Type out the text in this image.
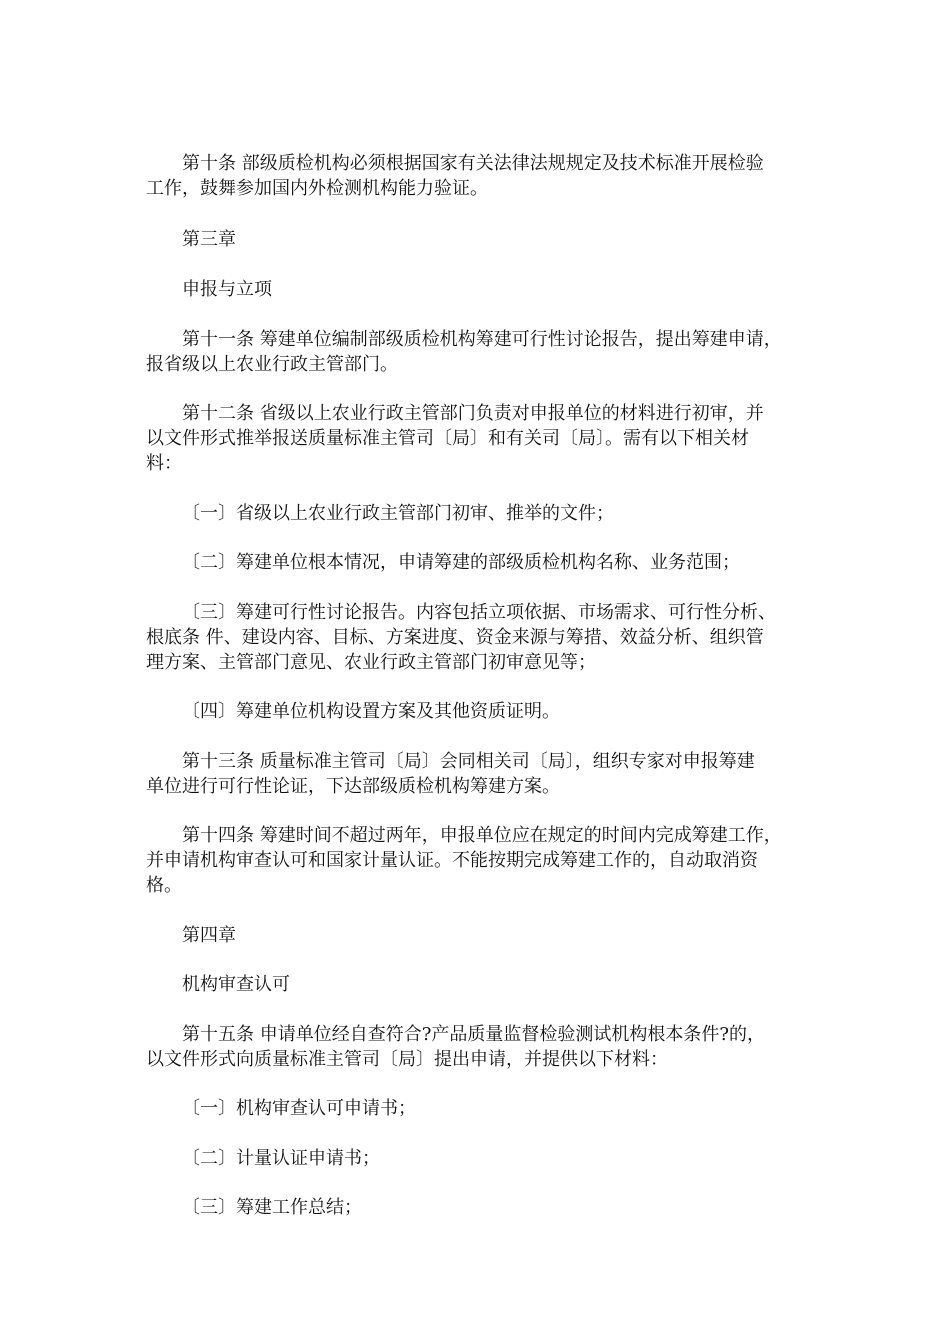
第十条 部级质检机构必须根据国家有关法律法规规定及技术标准开展检验
工作，鼓舞参加国内外检测机构能力验证。

第三章

申报与立项

第十一条 筹建单位编制部级质检机构筹建可行性讨论报告，提出筹建申请，
报省级以上农业行政主管部门。

第十二条 省级以上农业行政主管部门负责对申报单位的材料进行初审，并
以文件形式推举报送质量标准主管司〔局〕和有关司〔局〕。需有以下相关材
料：

〔一〕省级以上农业行政主管部门初审、推举的文件；

〔二〕筹建单位根本情况，申请筹建的部级质检机构名称、业务范围；

〔三〕筹建可行性讨论报告。内容包括立项依据、市场需求、可行性分析、
根底条 件、建设内容、目标、方案进度、资金来源与筹措、效益分析、组织管
理方案、主管部门意见、农业行政主管部门初审意见等；

〔四〕筹建单位机构设置方案及其他资质证明。

第十三条 质量标准主管司〔局〕会同相关司〔局〕，组织专家对申报筹建
单位进行可行性论证，下达部级质检机构筹建方案。

第十四条 筹建时间不超过两年，申报单位应在规定的时间内完成筹建工作，
并申请机构审查认可和国家计量认证。不能按期完成筹建工作的，自动取消资
格。

第四章

机构审查认可

第十五条 申请单位经自查符合?产品质量监督检验测试机构根本条件?的，
以文件形式向质量标准主管司〔局〕提出申请，并提供以下材料：

〔一〕机构审查认可申请书；

〔二〕计量认证申请书；

〔三〕筹建工作总结；
